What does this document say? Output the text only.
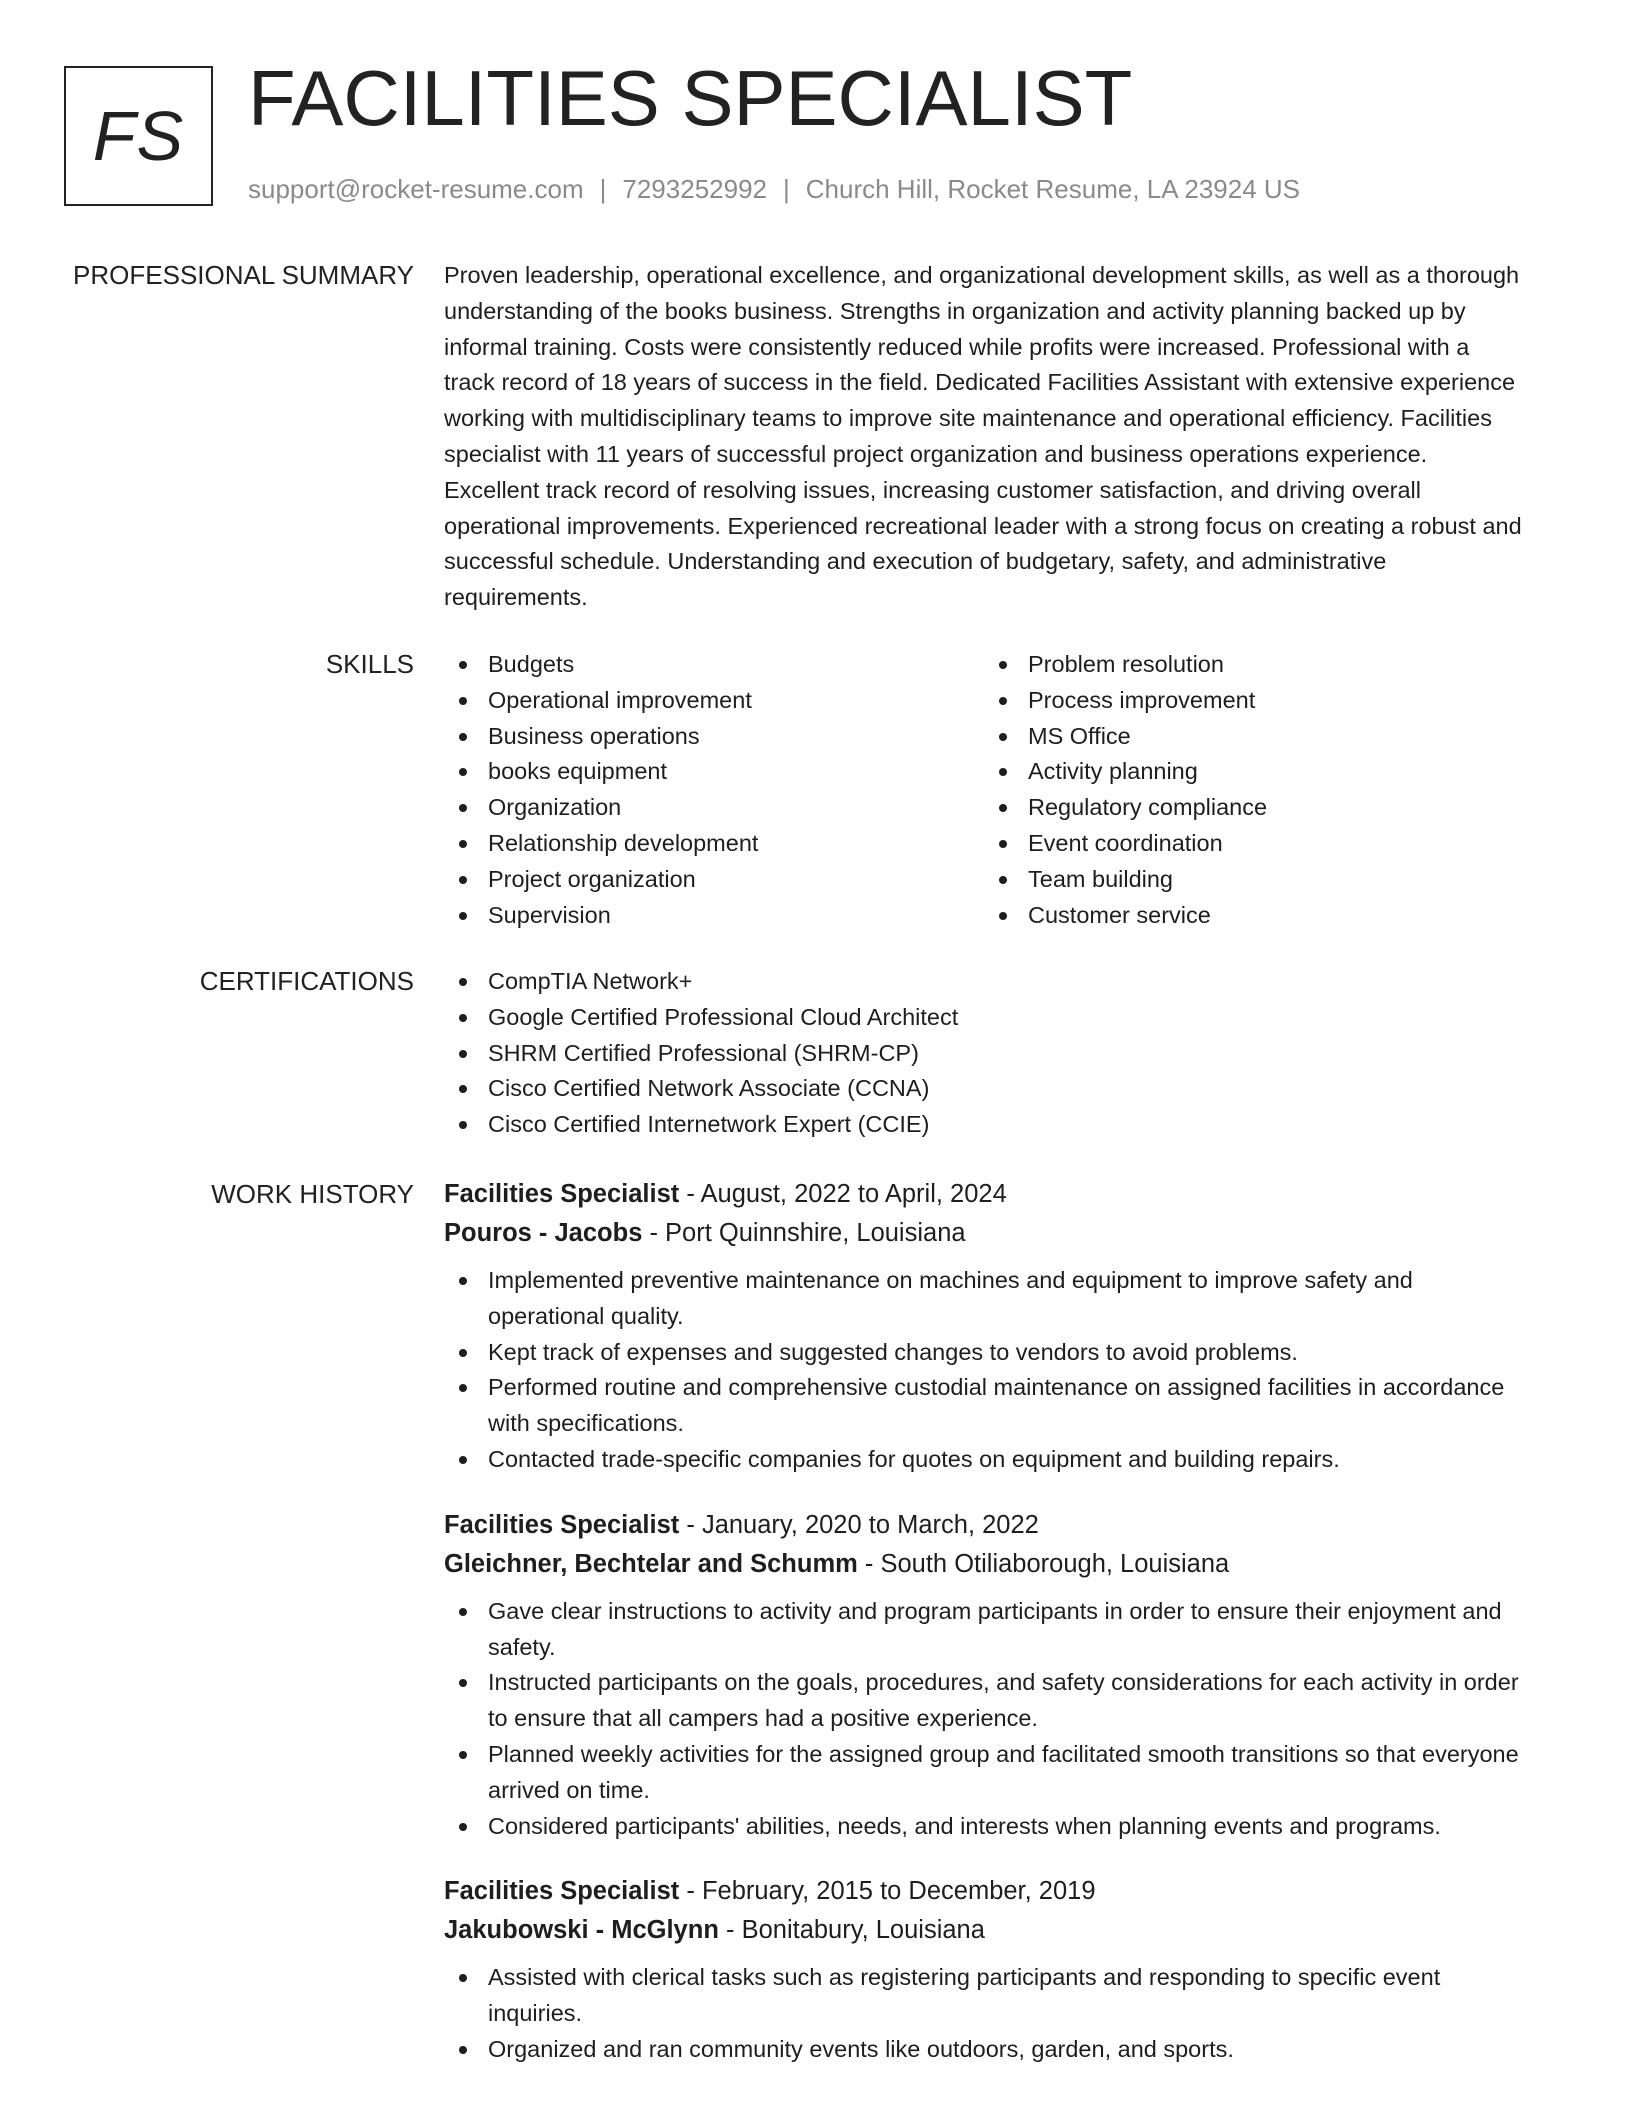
FS FACILITIES SPECIALIST
support@rocket-resume.com | 7293252992 | Church Hill, Rocket Resume, LA 23924 US
PROFESSIONAL SUMMARY Proven leadership, operational excellence, and organizational development skills, as well as a thorough understanding of the books business. Strengths in organization and activity planning backed up by informal training. Costs were consistently reduced while profits were increased. Professional with a track record of 18 years of success in the field. Dedicated Facilities Assistant with extensive experience working with multidisciplinary teams to improve site maintenance and operational efficiency. Facilities specialist with 11 years of successful project organization and business operations experience. Excellent track record of resolving issues, increasing customer satisfaction, and driving overall operational improvements. Experienced recreational leader with a strong focus on creating a robust and successful schedule. Understanding and execution of budgetary, safety, and administrative requirements.

SKILLS	Budgets
Operational improvement
Business operations
books equipment
Organization
Relationship development
Project organization
Supervision
Problem resolution
Process improvement
MS Office
Activity planning
Regulatory compliance
Event coordination
Team building
Customer service
CERTIFICATIONS	CompTIA Network+
Google Certified Professional Cloud Architect
SHRM Certified Professional (SHRM-CP)
Cisco Certified Network Associate (CCNA)
Cisco Certified Internetwork Expert (CCIE)
WORK HISTORY Facilities Specialist - August, 2022 to April, 2024
Pouros - Jacobs - Port Quinnshire, Louisiana
Implemented preventive maintenance on machines and equipment to improve safety and operational quality.
Kept track of expenses and suggested changes to vendors to avoid problems.
Performed routine and comprehensive custodial maintenance on assigned facilities in accordance with specifications.
Contacted trade-specific companies for quotes on equipment and building repairs.
Facilities Specialist - January, 2020 to March, 2022
Gleichner, Bechtelar and Schumm - South Otiliaborough, Louisiana
Gave clear instructions to activity and program participants in order to ensure their enjoyment and safety.
Instructed participants on the goals, procedures, and safety considerations for each activity in order to ensure that all campers had a positive experience.
Planned weekly activities for the assigned group and facilitated smooth transitions so that everyone arrived on time.
Considered participants' abilities, needs, and interests when planning events and programs.
Facilities Specialist - February, 2015 to December, 2019
Jakubowski - McGlynn - Bonitabury, Louisiana
Assisted with clerical tasks such as registering participants and responding to specific event inquiries.
Organized and ran community events like outdoors, garden, and sports.
